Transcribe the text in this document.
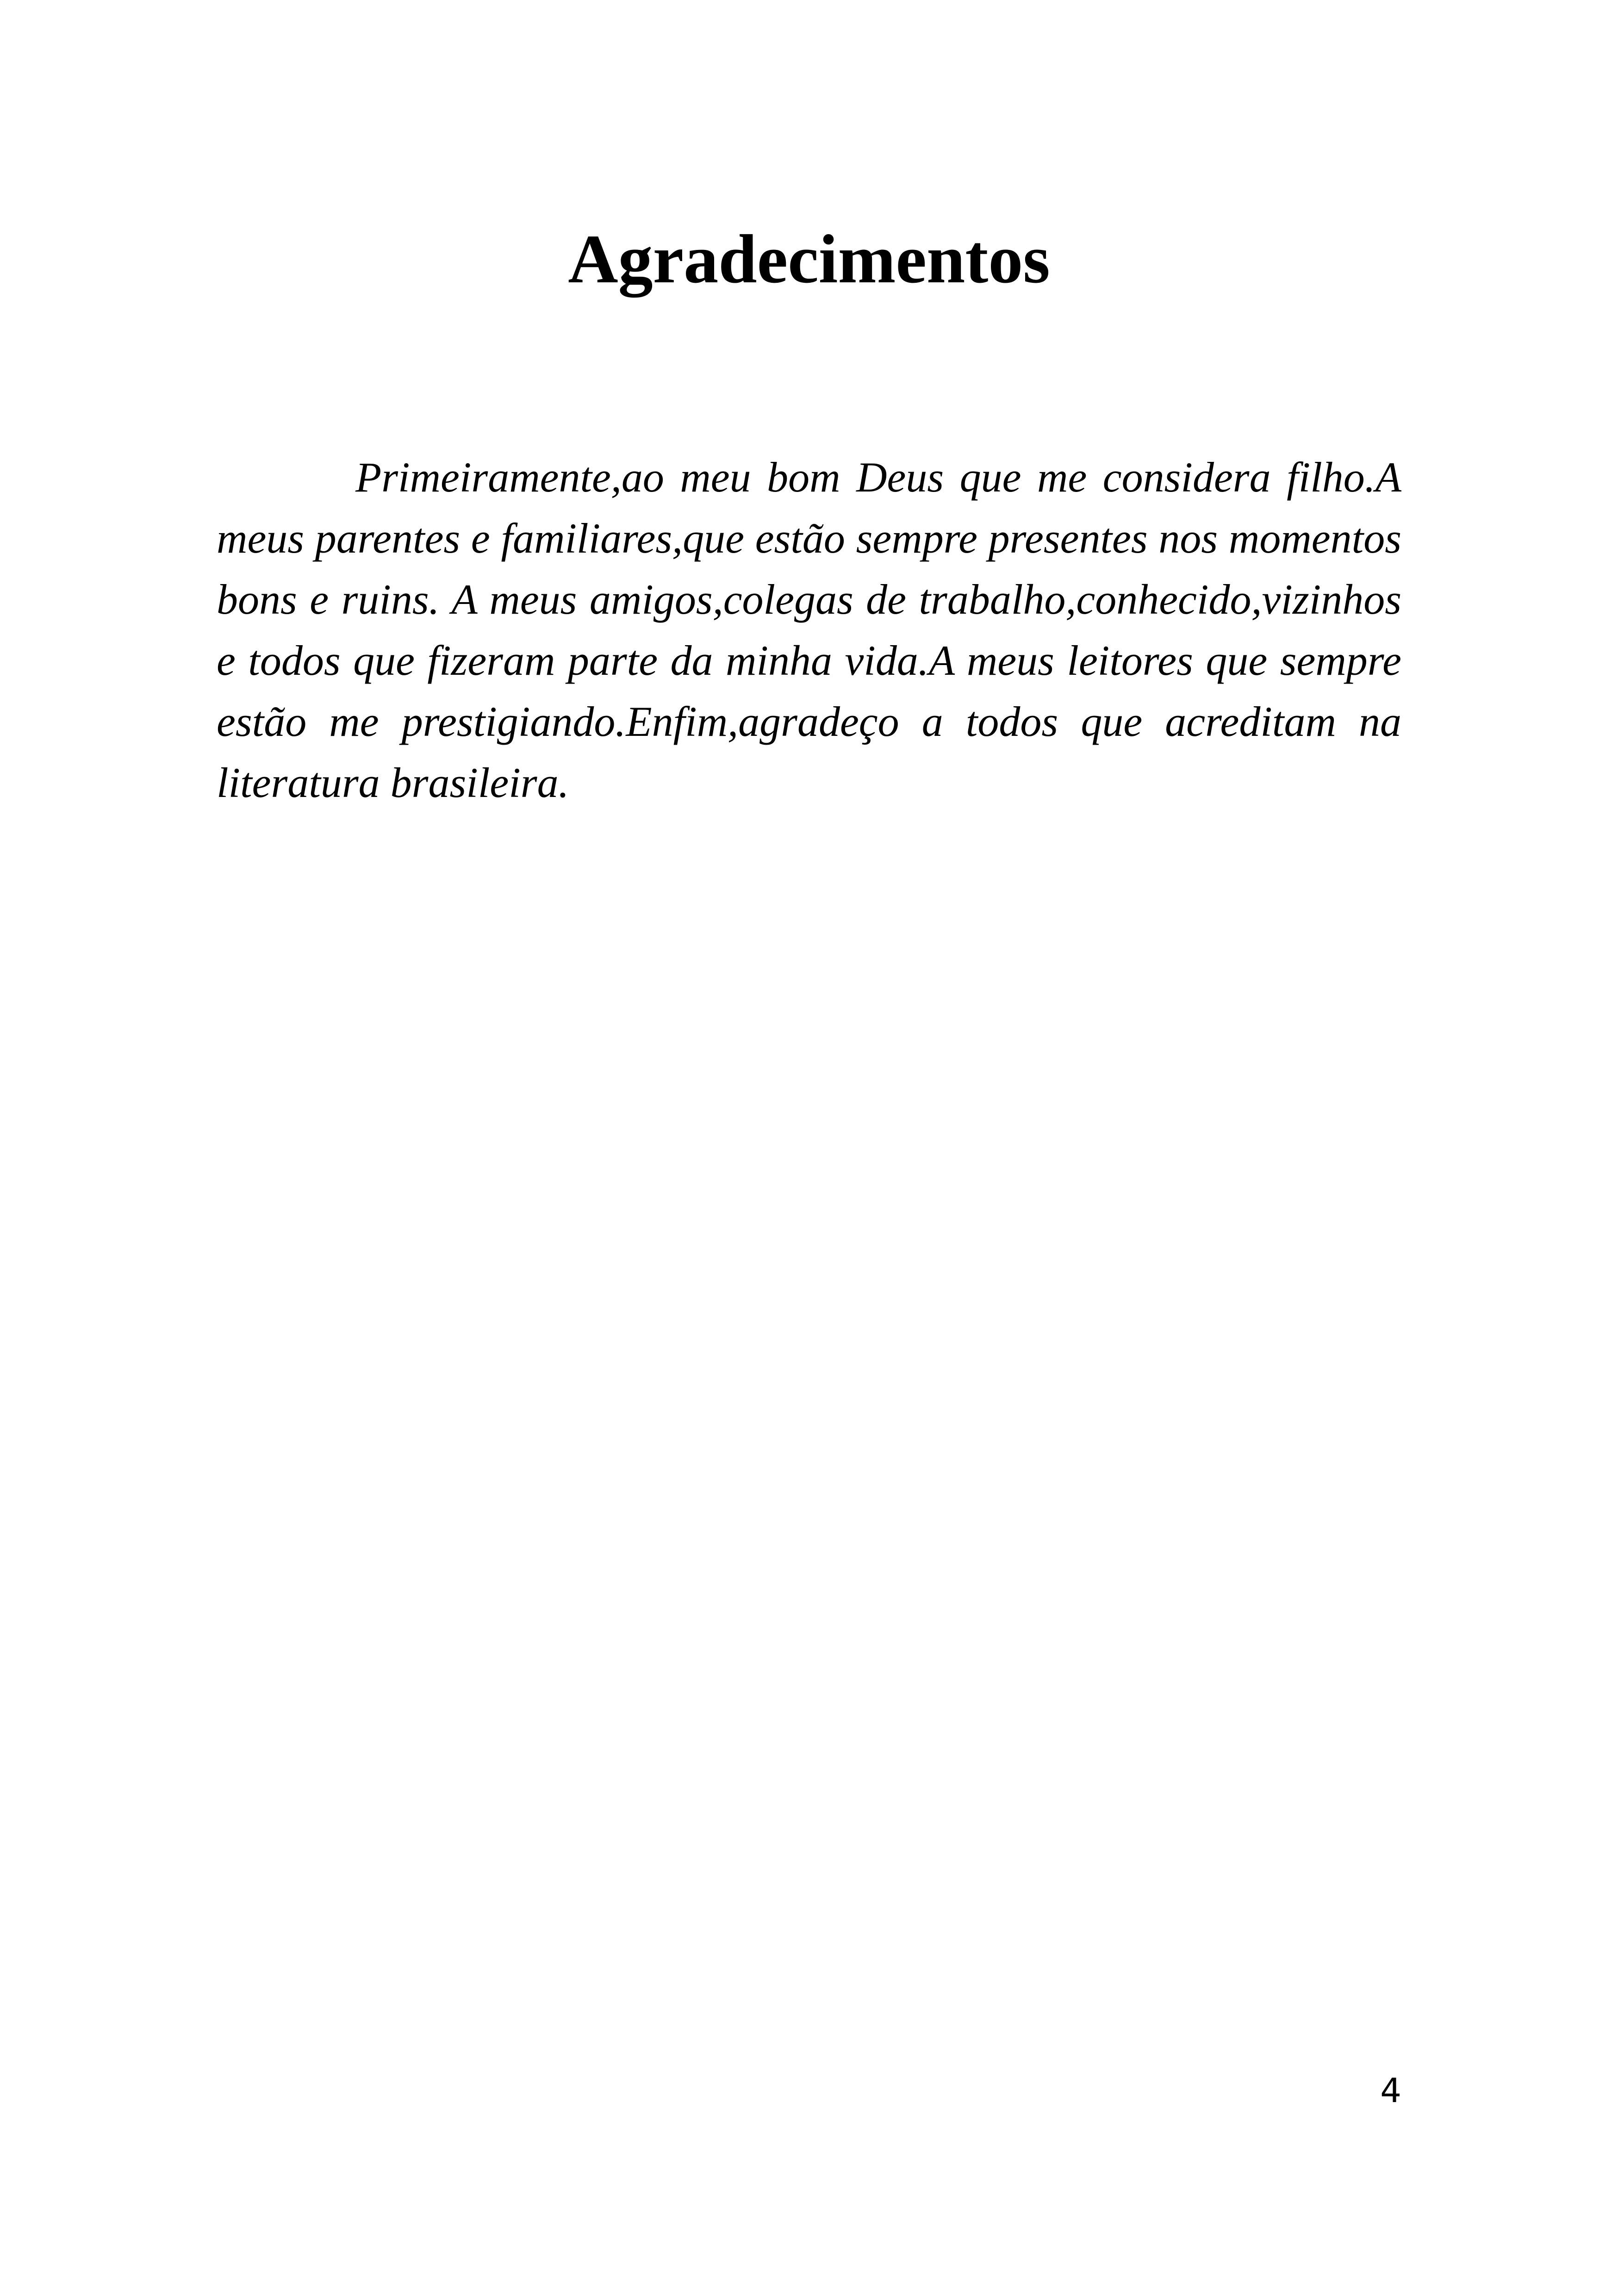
Agradecimentos

Primeiramente,ao meu bom Deus que me considera filho.A meus parentes e familiares,que estão sempre presentes nos momentos bons e ruins. A meus amigos,colegas de trabalho,conhecido,vizinhos e todos que fizeram parte da minha vida.A meus leitores que sempre estão me prestigiando.Enfim,agradeço a todos que acreditam na literatura brasileira.

4
